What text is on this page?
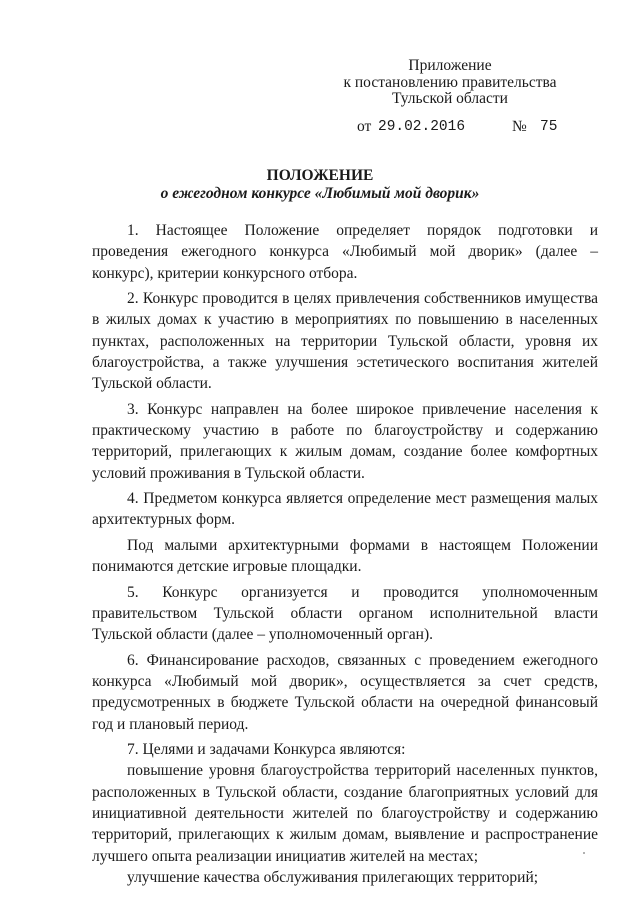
Приложение
к постановлению правительства
Тульской области
от 29.02.2016	№ 75
ПОЛОЖЕНИЕ
о ежегодном конкурсе «Любимый мой дворик»

1. Настоящее Положение определяет порядок подготовки и проведения ежегодного конкурса «Любимый мой дворик» (далее – конкурс), критерии конкурсного отбора.

2. Конкурс проводится в целях привлечения собственников имущества в жилых домах к участию в мероприятиях по повышению в населенных пунктах, расположенных на территории Тульской области, уровня их благоустройства, а также улучшения эстетического воспитания жителей Тульской области.

3. Конкурс направлен на более широкое привлечение населения к практическому участию в работе по благоустройству и содержанию территорий, прилегающих к жилым домам, создание более комфортных условий проживания в Тульской области.

4. Предметом конкурса является определение мест размещения малых архитектурных форм.

Под малыми архитектурными формами в настоящем Положении понимаются детские игровые площадки.

5. Конкурс организуется и проводится уполномоченным правительством Тульской области органом исполнительной власти Тульской области (далее – уполномоченный орган).

6. Финансирование расходов, связанных с проведением ежегодного конкурса «Любимый мой дворик», осуществляется за счет средств, предусмотренных в бюджете Тульской области на очередной финансовый год и плановый период.

7. Целями и задачами Конкурса являются:

повышение уровня благоустройства территорий населенных пунктов, расположенных в Тульской области, создание благоприятных условий для инициативной деятельности жителей по благоустройству и содержанию территорий, прилегающих к жилым домам, выявление и распространение лучшего опыта реализации инициатив жителей на местах;

улучшение качества обслуживания прилегающих территорий;
